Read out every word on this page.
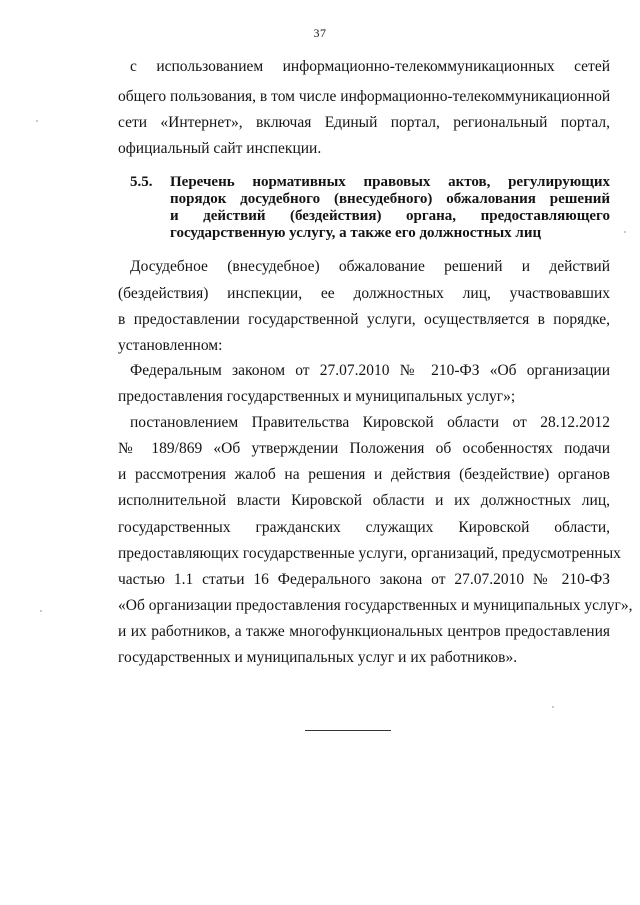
37
с использованием информационно-телекоммуникационных сетей
общего пользования, в том числе информационно-телекоммуникационной
сети «Интернет», включая Единый портал, региональный портал,
официальный сайт инспекции.
5.5. Перечень нормативных правовых актов, регулирующих
порядок досудебного (внесудебного) обжалования решений
и действий (бездействия) органа, предоставляющего
государственную услугу, а также его должностных лиц
Досудебное (внесудебное) обжалование решений и действий
(бездействия) инспекции, ее должностных лиц, участвовавших
в предоставлении государственной услуги, осуществляется в порядке,
установленном:
Федеральным законом от 27.07.2010 № 210-ФЗ «Об организации
предоставления государственных и муниципальных услуг»;
постановлением Правительства Кировской области от 28.12.2012
№ 189/869 «Об утверждении Положения об особенностях подачи
и рассмотрения жалоб на решения и действия (бездействие) органов
исполнительной власти Кировской области и их должностных лиц,
государственных гражданских служащих Кировской области,
предоставляющих государственные услуги, организаций, предусмотренных
частью 1.1 статьи 16 Федерального закона от 27.07.2010 № 210-ФЗ
«Об организации предоставления государственных и муниципальных услуг»,
и их работников, а также многофункциональных центров предоставления
государственных и муниципальных услуг и их работников».
